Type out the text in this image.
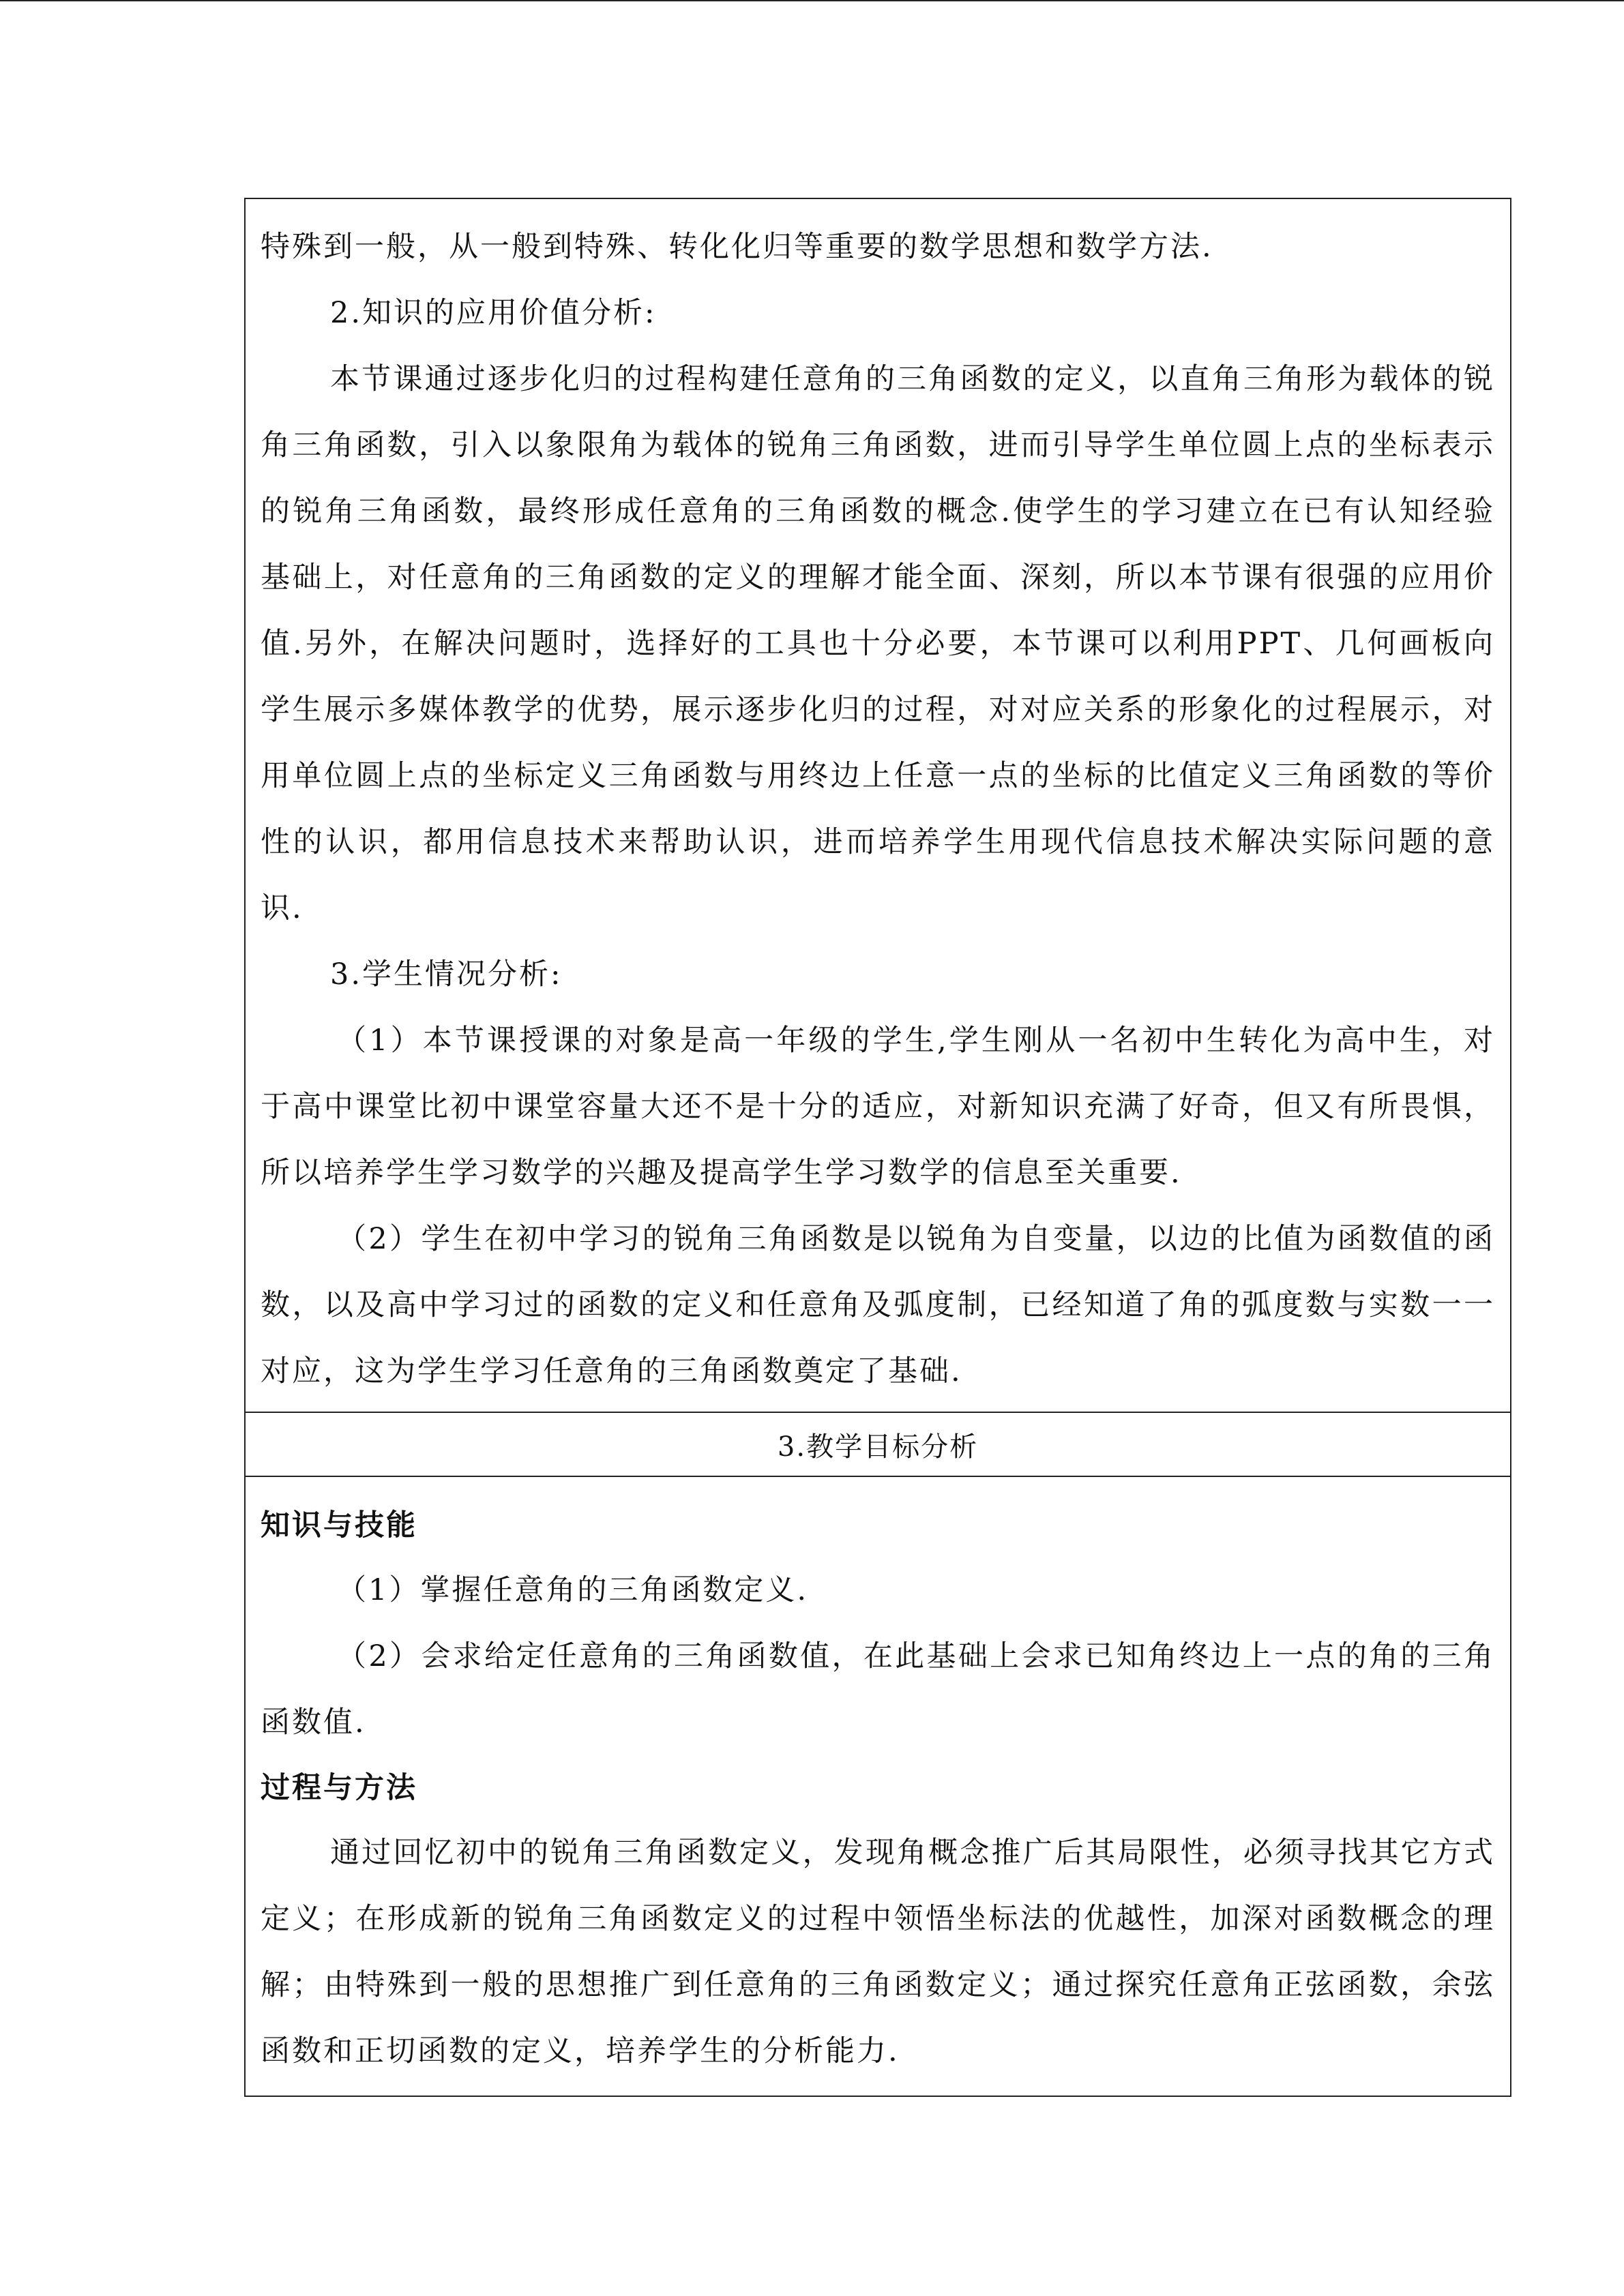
特殊到一般，从一般到特殊、转化化归等重要的数学思想和数学方法.

2.知识的应用价值分析:

本节课通过逐步化归的过程构建任意角的三角函数的定义，以直角三角形为载体的锐角三角函数，引入以象限角为载体的锐角三角函数，进而引导学生单位圆上点的坐标表示的锐角三角函数，最终形成任意角的三角函数的概念.使学生的学习建立在已有认知经验基础上，对任意角的三角函数的定义的理解才能全面、深刻，所以本节课有很强的应用价值.另外，在解决问题时，选择好的工具也十分必要，本节课可以利用PPT、几何画板向学生展示多媒体教学的优势，展示逐步化归的过程，对对应关系的形象化的过程展示，对用单位圆上点的坐标定义三角函数与用终边上任意一点的坐标的比值定义三角函数的等价性的认识，都用信息技术来帮助认识，进而培养学生用现代信息技术解决实际问题的意识.

3.学生情况分析:

（1）本节课授课的对象是高一年级的学生,学生刚从一名初中生转化为高中生，对于高中课堂比初中课堂容量大还不是十分的适应，对新知识充满了好奇，但又有所畏惧，所以培养学生学习数学的兴趣及提高学生学习数学的信息至关重要.

（2）学生在初中学习的锐角三角函数是以锐角为自变量，以边的比值为函数值的函数，以及高中学习过的函数的定义和任意角及弧度制，已经知道了角的弧度数与实数一一对应，这为学生学习任意角的三角函数奠定了基础.

3.教学目标分析
知识与技能

（1）掌握任意角的三角函数定义.

（2）会求给定任意角的三角函数值，在此基础上会求已知角终边上一点的角的三角函数值.

过程与方法

通过回忆初中的锐角三角函数定义，发现角概念推广后其局限性，必须寻找其它方式定义；在形成新的锐角三角函数定义的过程中领悟坐标法的优越性，加深对函数概念的理解；由特殊到一般的思想推广到任意角的三角函数定义；通过探究任意角正弦函数，余弦函数和正切函数的定义，培养学生的分析能力.
